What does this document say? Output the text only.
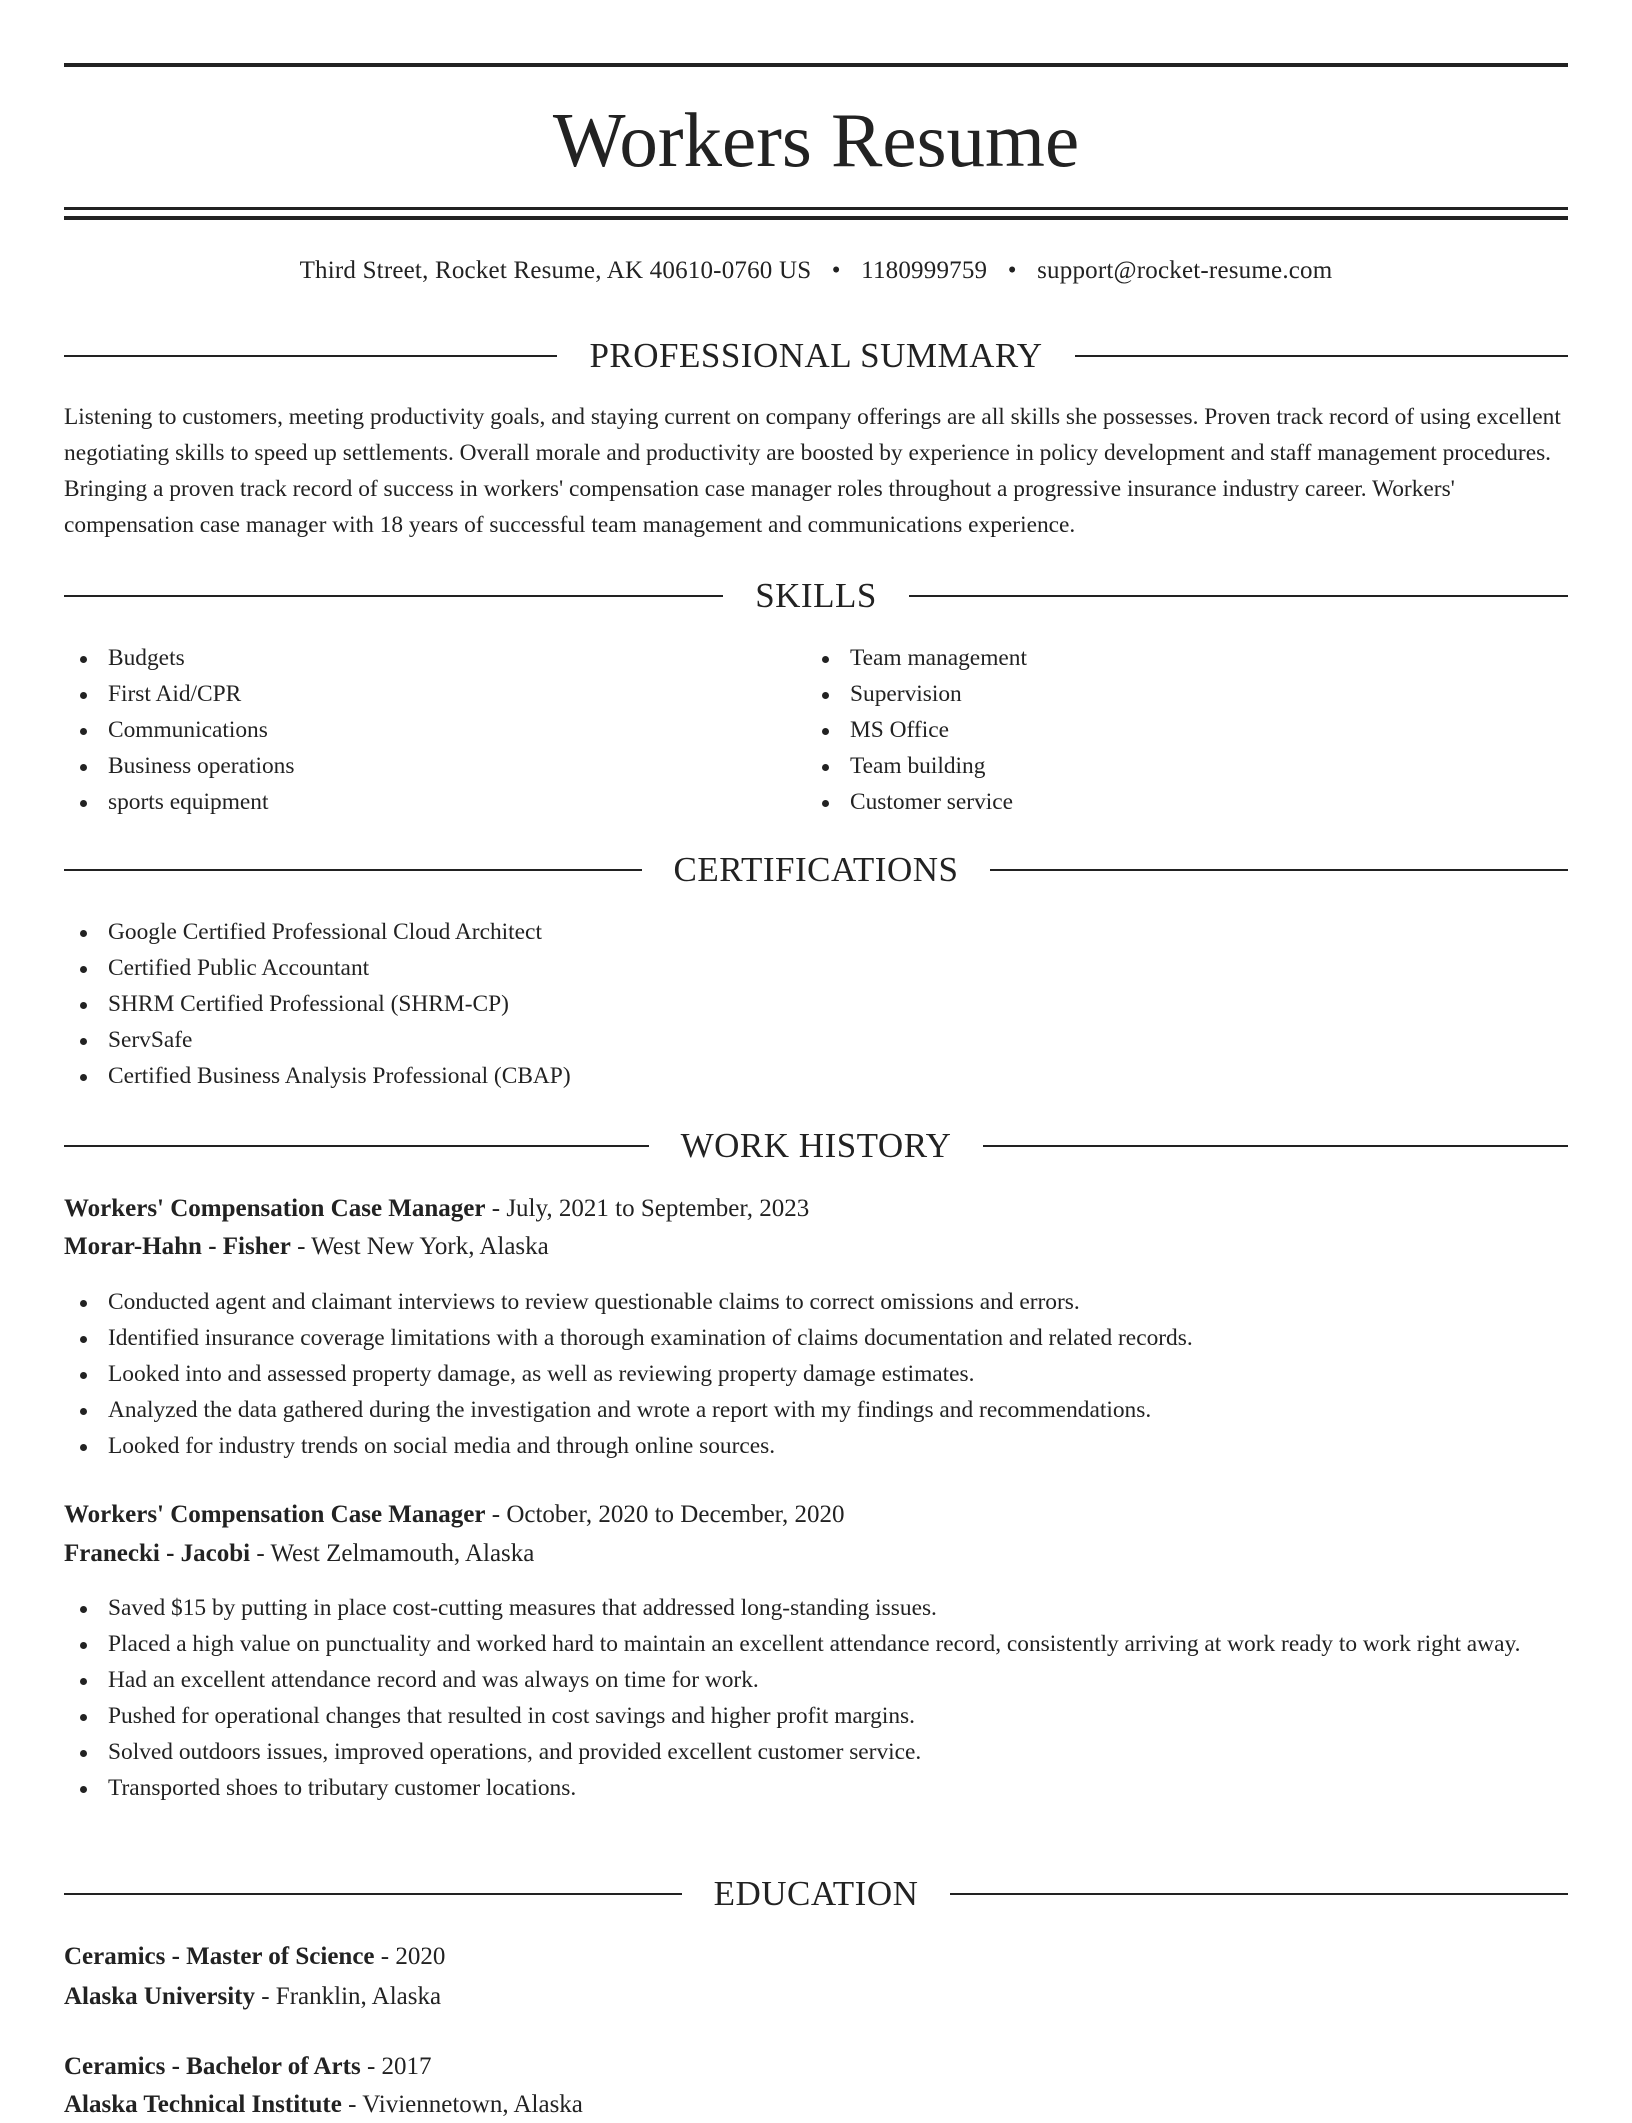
Workers Resume
Third Street, Rocket Resume, AK 40610-0760 US • 1180999759 • support@rocket-resume.com
PROFESSIONAL SUMMARY

Listening to customers, meeting productivity goals, and staying current on company offerings are all skills she possesses. Proven track record of using excellent negotiating skills to speed up settlements. Overall morale and productivity are boosted by experience in policy development and staff management procedures. Bringing a proven track record of success in workers' compensation case manager roles throughout a progressive insurance industry career. Workers' compensation case manager with 18 years of successful team management and communications experience.

SKILLS
Budgets
First Aid/CPR
Communications
Business operations
sports equipment
Team management
Supervision
MS Office
Team building
Customer service
CERTIFICATIONS
Google Certified Professional Cloud Architect
Certified Public Accountant
SHRM Certified Professional (SHRM-CP)
ServSafe
Certified Business Analysis Professional (CBAP)
WORK HISTORY
Workers' Compensation Case Manager - July, 2021 to September, 2023
Morar-Hahn - Fisher - West New York, Alaska
Conducted agent and claimant interviews to review questionable claims to correct omissions and errors.
Identified insurance coverage limitations with a thorough examination of claims documentation and related records.
Looked into and assessed property damage, as well as reviewing property damage estimates.
Analyzed the data gathered during the investigation and wrote a report with my findings and recommendations.
Looked for industry trends on social media and through online sources.
Workers' Compensation Case Manager - October, 2020 to December, 2020
Franecki - Jacobi - West Zelmamouth, Alaska
Saved $15 by putting in place cost-cutting measures that addressed long-standing issues.
Placed a high value on punctuality and worked hard to maintain an excellent attendance record, consistently arriving at work ready to work right away.
Had an excellent attendance record and was always on time for work.
Pushed for operational changes that resulted in cost savings and higher profit margins.
Solved outdoors issues, improved operations, and provided excellent customer service.
Transported shoes to tributary customer locations.
EDUCATION
Ceramics - Master of Science - 2020
Alaska University - Franklin, Alaska
Ceramics - Bachelor of Arts - 2017
Alaska Technical Institute - Viviennetown, Alaska
